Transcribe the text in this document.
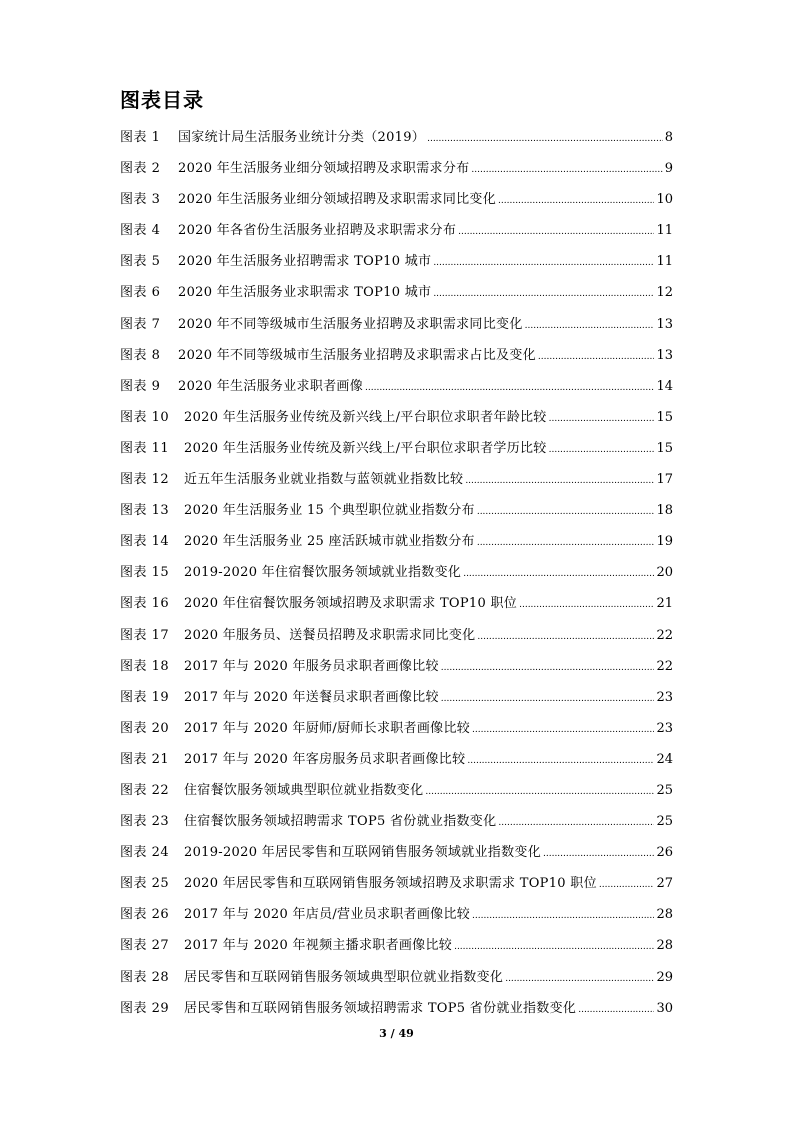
图表目录
图表 1	国家统计局生活服务业统计分类（2019） .....	8
图表 2	2020 年生活服务业细分领域招聘及求职需求分布 .....	9
图表 3	2020 年生活服务业细分领域招聘及求职需求同比变化 .....	10
图表 4	2020 年各省份生活服务业招聘及求职需求分布 .....	11
图表 5	2020 年生活服务业招聘需求 TOP10 城市 .....	11
图表 6	2020 年生活服务业求职需求 TOP10 城市 .....	12
图表 7	2020 年不同等级城市生活服务业招聘及求职需求同比变化 .....	13
图表 8	2020 年不同等级城市生活服务业招聘及求职需求占比及变化 .....	13
图表 9	2020 年生活服务业求职者画像 .....	14
图表 10	2020 年生活服务业传统及新兴线上/平台职位求职者年龄比较 .....	15
图表 11	2020 年生活服务业传统及新兴线上/平台职位求职者学历比较 .....	15
图表 12	近五年生活服务业就业指数与蓝领就业指数比较 .....	17
图表 13	2020 年生活服务业 15 个典型职位就业指数分布 .....	18
图表 14	2020 年生活服务业 25 座活跃城市就业指数分布 .....	19
图表 15	2019-2020 年住宿餐饮服务领域就业指数变化 .....	20
图表 16	2020 年住宿餐饮服务领域招聘及求职需求 TOP10 职位 .....	21
图表 17	2020 年服务员、送餐员招聘及求职需求同比变化 .....	22
图表 18	2017 年与 2020 年服务员求职者画像比较 .....	22
图表 19	2017 年与 2020 年送餐员求职者画像比较 .....	23
图表 20	2017 年与 2020 年厨师/厨师长求职者画像比较 .....	23
图表 21	2017 年与 2020 年客房服务员求职者画像比较 .....	24
图表 22	住宿餐饮服务领域典型职位就业指数变化 .....	25
图表 23	住宿餐饮服务领域招聘需求 TOP5 省份就业指数变化 .....	25
图表 24	2019-2020 年居民零售和互联网销售服务领域就业指数变化 .....	26
图表 25	2020 年居民零售和互联网销售服务领域招聘及求职需求 TOP10 职位 .....	27
图表 26	2017 年与 2020 年店员/营业员求职者画像比较 .....	28
图表 27	2017 年与 2020 年视频主播求职者画像比较 .....	28
图表 28	居民零售和互联网销售服务领域典型职位就业指数变化 .....	29
图表 29	居民零售和互联网销售服务领域招聘需求 TOP5 省份就业指数变化 .....	30
3 / 49
